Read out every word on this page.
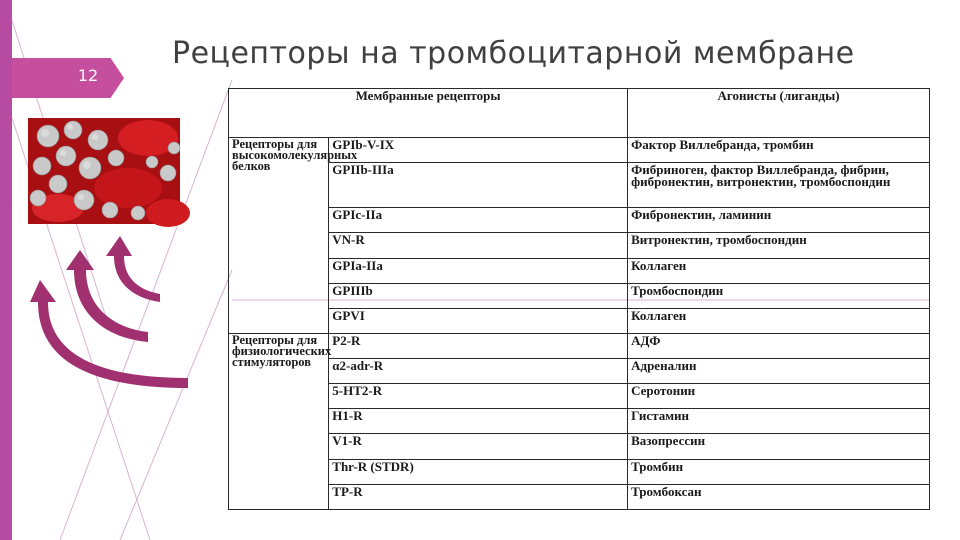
12
Рецепторы на тромбоцитарной мембране
Мембранные рецепторы		Агонисты (лиганды)
Рецепторы для высокомолекулярных белков	GPIb-V-IX	Фактор Виллебранда, тромбин
	GPIIb-IIIa	Фибриноген, фактор Виллебранда, фибрин, фибронектин, витронектин, тромбоспондин
	GPIc-IIa	Фибронектин, ламинин
	VN-R	Витронектин, тромбоспондин
	GPIa-IIa	Коллаген
	GPIIIb	Тромбоспондин
	GPVI	Коллаген
Рецепторы для физиологических стимуляторов	P2-R	АДФ
	α2-adr-R	Адреналин
	5-HT2-R	Серотонин
	H1-R	Гистамин
	V1-R	Вазопрессин
	Thr-R (STDR)	Тромбин
	TP-R	Тромбоксан
